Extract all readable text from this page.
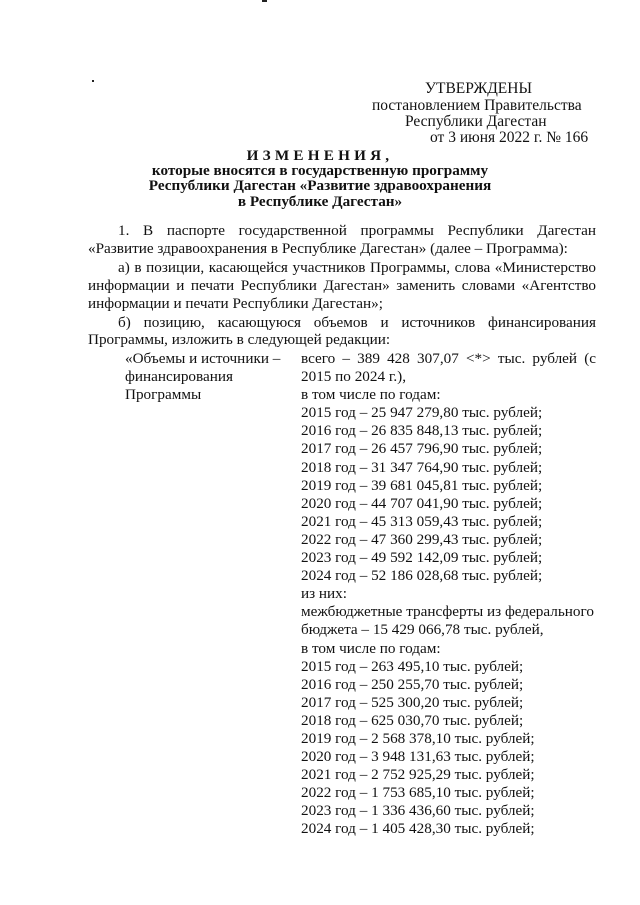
УТВЕРЖДЕНЫ
постановлением Правительства
Республики Дагестан
от 3 июня 2022 г. № 166
ИЗМЕНЕНИЯ,
которые вносятся в государственную программу
Республики Дагестан «Развитие здравоохранения
в Республике Дагестан»
1. В паспорте государственной программы Республики Дагестан
«Развитие здравоохранения в Республике Дагестан» (далее – Программа):
а) в позиции, касающейся участников Программы, слова «Министерство
информации и печати Республики Дагестан» заменить словами «Агентство
информации и печати Республики Дагестан»;
б) позицию, касающуюся объемов и источников финансирования
Программы, изложить в следующей редакции:
«Объемы и источники –
финансирования
Программы
всего – 389 428 307,07 <*> тыс. рублей (с
2015 по 2024 г.),
в том числе по годам:
2015 год – 25 947 279,80 тыс. рублей;
2016 год – 26 835 848,13 тыс. рублей;
2017 год – 26 457 796,90 тыс. рублей;
2018 год – 31 347 764,90 тыс. рублей;
2019 год – 39 681 045,81 тыс. рублей;
2020 год – 44 707 041,90 тыс. рублей;
2021 год – 45 313 059,43 тыс. рублей;
2022 год – 47 360 299,43 тыс. рублей;
2023 год – 49 592 142,09 тыс. рублей;
2024 год – 52 186 028,68 тыс. рублей;
из них:
межбюджетные трансферты из федерального
бюджета – 15 429 066,78 тыс. рублей,
в том числе по годам:
2015 год – 263 495,10 тыс. рублей;
2016 год – 250 255,70 тыс. рублей;
2017 год – 525 300,20 тыс. рублей;
2018 год – 625 030,70 тыс. рублей;
2019 год – 2 568 378,10 тыс. рублей;
2020 год – 3 948 131,63 тыс. рублей;
2021 год – 2 752 925,29 тыс. рублей;
2022 год – 1 753 685,10 тыс. рублей;
2023 год – 1 336 436,60 тыс. рублей;
2024 год – 1 405 428,30 тыс. рублей;
